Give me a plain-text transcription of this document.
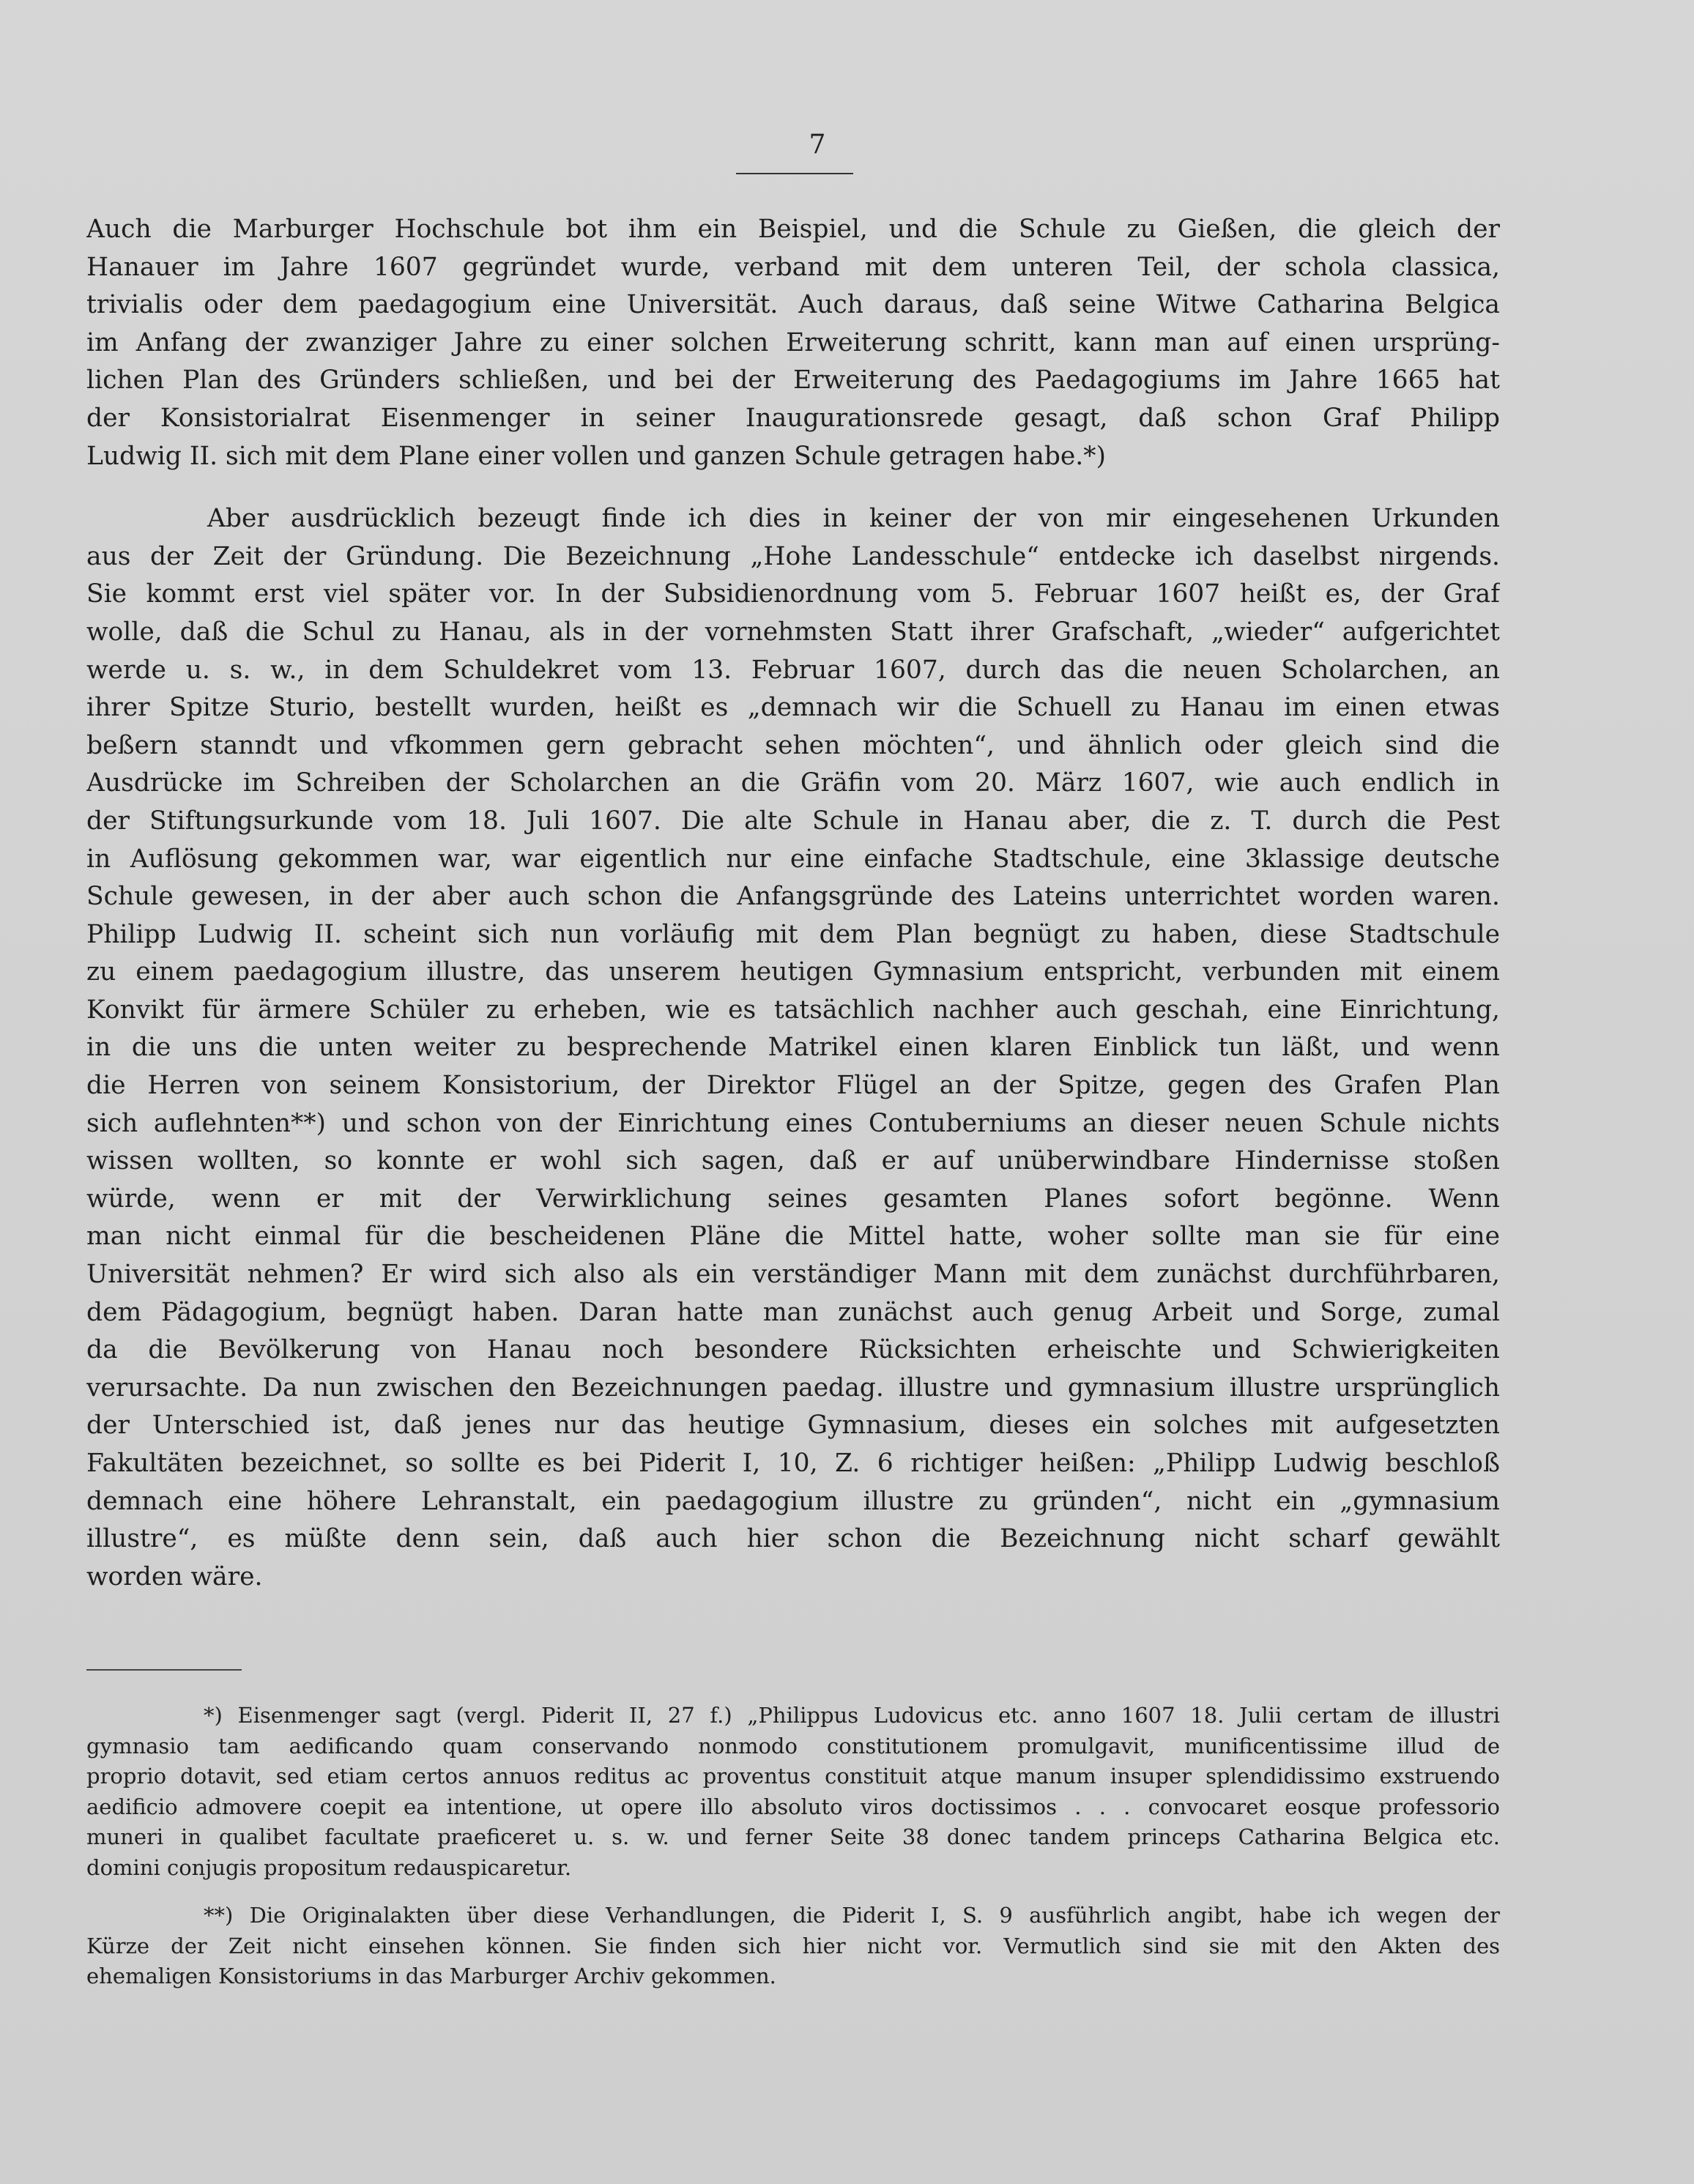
7
Auch die Marburger Hochschule bot ihm ein Beispiel, und die Schule zu Gießen, die gleich der
Hanauer im Jahre 1607 gegründet wurde, verband mit dem unteren Teil, der schola classica,
trivialis oder dem paedagogium eine Universität. Auch daraus, daß seine Witwe Catharina Belgica
im Anfang der zwanziger Jahre zu einer solchen Erweiterung schritt, kann man auf einen ursprüng-
lichen Plan des Gründers schließen, und bei der Erweiterung des Paedagogiums im Jahre 1665 hat
der Konsistorialrat Eisenmenger in seiner Inaugurationsrede gesagt, daß schon Graf Philipp
Ludwig II. sich mit dem Plane einer vollen und ganzen Schule getragen habe.*)
Aber ausdrücklich bezeugt finde ich dies in keiner der von mir eingesehenen Urkunden
aus der Zeit der Gründung. Die Bezeichnung „Hohe Landesschule“ entdecke ich daselbst nirgends.
Sie kommt erst viel später vor. In der Subsidienordnung vom 5. Februar 1607 heißt es, der Graf
wolle, daß die Schul zu Hanau, als in der vornehmsten Statt ihrer Grafschaft, „wieder“ aufgerichtet
werde u. s. w., in dem Schuldekret vom 13. Februar 1607, durch das die neuen Scholarchen, an
ihrer Spitze Sturio, bestellt wurden, heißt es „demnach wir die Schuell zu Hanau im einen etwas
beßern stanndt und vfkommen gern gebracht sehen möchten“, und ähnlich oder gleich sind die
Ausdrücke im Schreiben der Scholarchen an die Gräfin vom 20. März 1607, wie auch endlich in
der Stiftungsurkunde vom 18. Juli 1607. Die alte Schule in Hanau aber, die z. T. durch die Pest
in Auflösung gekommen war, war eigentlich nur eine einfache Stadtschule, eine 3klassige deutsche
Schule gewesen, in der aber auch schon die Anfangsgründe des Lateins unterrichtet worden waren.
Philipp Ludwig II. scheint sich nun vorläufig mit dem Plan begnügt zu haben, diese Stadtschule
zu einem paedagogium illustre, das unserem heutigen Gymnasium entspricht, verbunden mit einem
Konvikt für ärmere Schüler zu erheben, wie es tatsächlich nachher auch geschah, eine Einrichtung,
in die uns die unten weiter zu besprechende Matrikel einen klaren Einblick tun läßt, und wenn
die Herren von seinem Konsistorium, der Direktor Flügel an der Spitze, gegen des Grafen Plan
sich auflehnten**) und schon von der Einrichtung eines Contuberniums an dieser neuen Schule nichts
wissen wollten, so konnte er wohl sich sagen, daß er auf unüberwindbare Hindernisse stoßen
würde, wenn er mit der Verwirklichung seines gesamten Planes sofort begönne. Wenn
man nicht einmal für die bescheidenen Pläne die Mittel hatte, woher sollte man sie für eine
Universität nehmen? Er wird sich also als ein verständiger Mann mit dem zunächst durchführbaren,
dem Pädagogium, begnügt haben. Daran hatte man zunächst auch genug Arbeit und Sorge, zumal
da die Bevölkerung von Hanau noch besondere Rücksichten erheischte und Schwierigkeiten
verursachte. Da nun zwischen den Bezeichnungen paedag. illustre und gymnasium illustre ursprünglich
der Unterschied ist, daß jenes nur das heutige Gymnasium, dieses ein solches mit aufgesetzten
Fakultäten bezeichnet, so sollte es bei Piderit I, 10, Z. 6 richtiger heißen: „Philipp Ludwig beschloß
demnach eine höhere Lehranstalt, ein paedagogium illustre zu gründen“, nicht ein „gymnasium
illustre“, es müßte denn sein, daß auch hier schon die Bezeichnung nicht scharf gewählt
worden wäre.
*) Eisenmenger sagt (vergl. Piderit II, 27 f.) „Philippus Ludovicus etc. anno 1607 18. Julii certam de illustri
gymnasio tam aedificando quam conservando nonmodo constitutionem promulgavit, munificentissime illud de
proprio dotavit, sed etiam certos annuos reditus ac proventus constituit atque manum insuper splendidissimo exstruendo
aedificio admovere coepit ea intentione, ut opere illo absoluto viros doctissimos . . . convocaret eosque professorio
muneri in qualibet facultate praeficeret u. s. w. und ferner Seite 38 donec tandem princeps Catharina Belgica etc.
domini conjugis propositum redauspicaretur.
**) Die Originalakten über diese Verhandlungen, die Piderit I, S. 9 ausführlich angibt, habe ich wegen der
Kürze der Zeit nicht einsehen können. Sie finden sich hier nicht vor. Vermutlich sind sie mit den Akten des
ehemaligen Konsistoriums in das Marburger Archiv gekommen.
